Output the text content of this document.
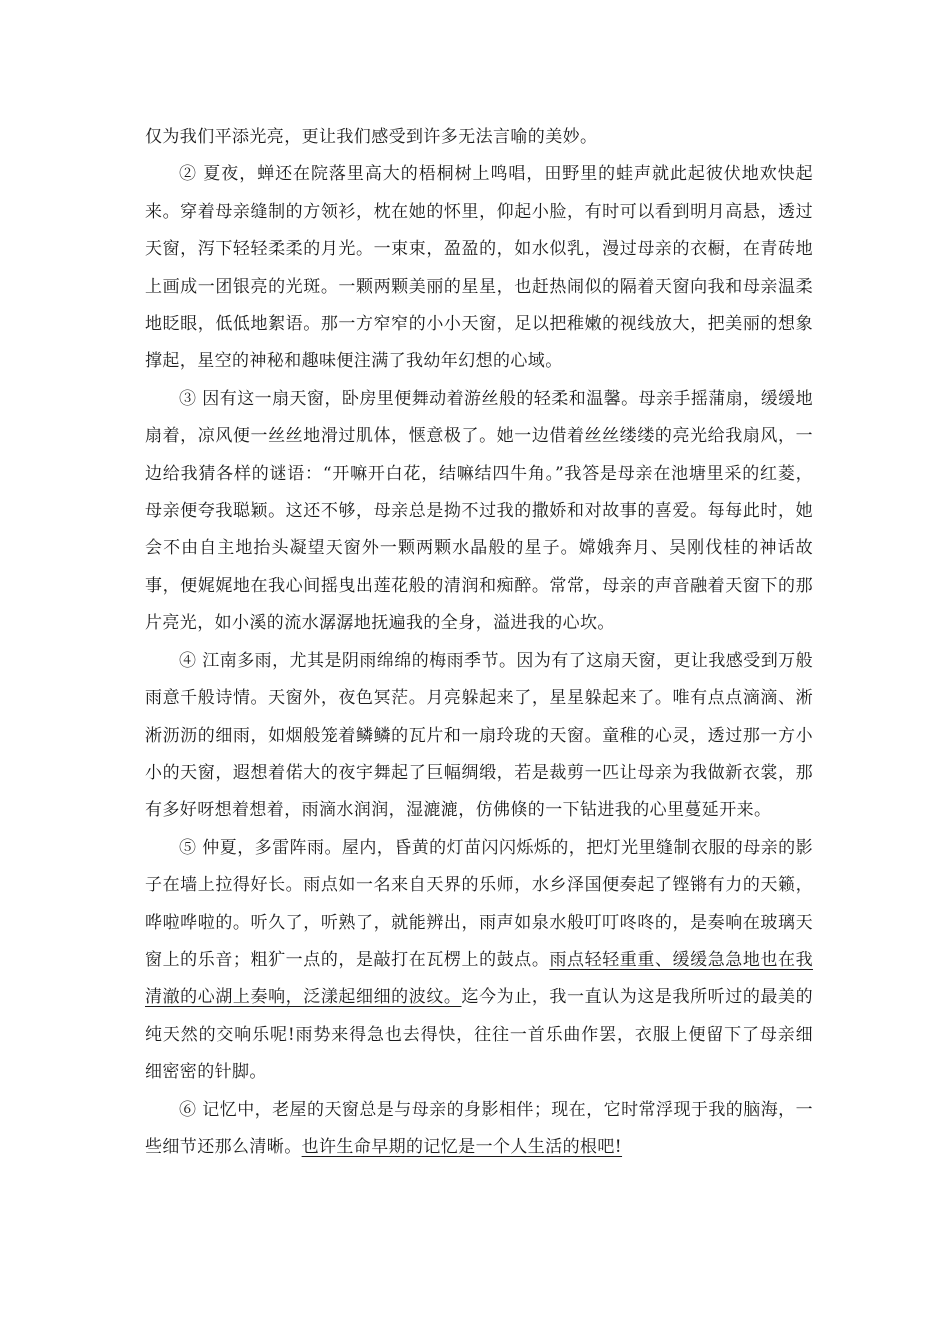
仅为我们平添光亮，更让我们感受到许多无法言喻的美妙。

② 夏夜，蝉还在院落里高大的梧桐树上鸣唱，田野里的蛙声就此起彼伏地欢快起来。穿着母亲缝制的方领衫，枕在她的怀里，仰起小脸，有时可以看到明月高悬，透过天窗，泻下轻轻柔柔的月光。一束束，盈盈的，如水似乳，漫过母亲的衣橱，在青砖地上画成一团银亮的光斑。一颗两颗美丽的星星，也赶热闹似的隔着天窗向我和母亲温柔地眨眼，低低地絮语。那一方窄窄的小小天窗，足以把稚嫩的视线放大，把美丽的想象撑起，星空的神秘和趣味便注满了我幼年幻想的心域。

③ 因有这一扇天窗，卧房里便舞动着游丝般的轻柔和温馨。母亲手摇蒲扇，缓缓地扇着，凉风便一丝丝地滑过肌体，惬意极了。她一边借着丝丝缕缕的亮光给我扇风，一边给我猜各样的谜语：“开嘛开白花，结嘛结四牛角。”我答是母亲在池塘里采的红菱，母亲便夸我聪颖。这还不够，母亲总是拗不过我的撒娇和对故事的喜爱。每每此时，她会不由自主地抬头凝望天窗外一颗两颗水晶般的星子。嫦娥奔月、吴刚伐桂的神话故事，便娓娓地在我心间摇曳出莲花般的清润和痴醉。常常，母亲的声音融着天窗下的那片亮光，如小溪的流水潺潺地抚遍我的全身，溢进我的心坎。

④ 江南多雨，尤其是阴雨绵绵的梅雨季节。因为有了这扇天窗，更让我感受到万般雨意千般诗情。天窗外，夜色冥茫。月亮躲起来了，星星躲起来了。唯有点点滴滴、淅淅沥沥的细雨，如烟般笼着鳞鳞的瓦片和一扇玲珑的天窗。童稚的心灵，透过那一方小小的天窗，遐想着偌大的夜宇舞起了巨幅绸缎，若是裁剪一匹让母亲为我做新衣裳，那有多好呀想着想着，雨滴水润润，湿漉漉，仿佛倏的一下钻进我的心里蔓延开来。

⑤ 仲夏，多雷阵雨。屋内，昏黄的灯苗闪闪烁烁的，把灯光里缝制衣服的母亲的影子在墙上拉得好长。雨点如一名来自天界的乐师，水乡泽国便奏起了铿锵有力的天籁，哗啦哗啦的。听久了，听熟了，就能辨出，雨声如泉水般叮叮咚咚的，是奏响在玻璃天窗上的乐音；粗犷一点的，是敲打在瓦楞上的鼓点。雨点轻轻重重、缓缓急急地也在我清澈的心湖上奏响，泛漾起细细的波纹。迄今为止，我一直认为这是我所听过的最美的纯天然的交响乐呢!雨势来得急也去得快，往往一首乐曲作罢，衣服上便留下了母亲细细密密的针脚。

⑥ 记忆中，老屋的天窗总是与母亲的身影相伴；现在，它时常浮现于我的脑海，一些细节还那么清晰。也许生命早期的记忆是一个人生活的根吧!
